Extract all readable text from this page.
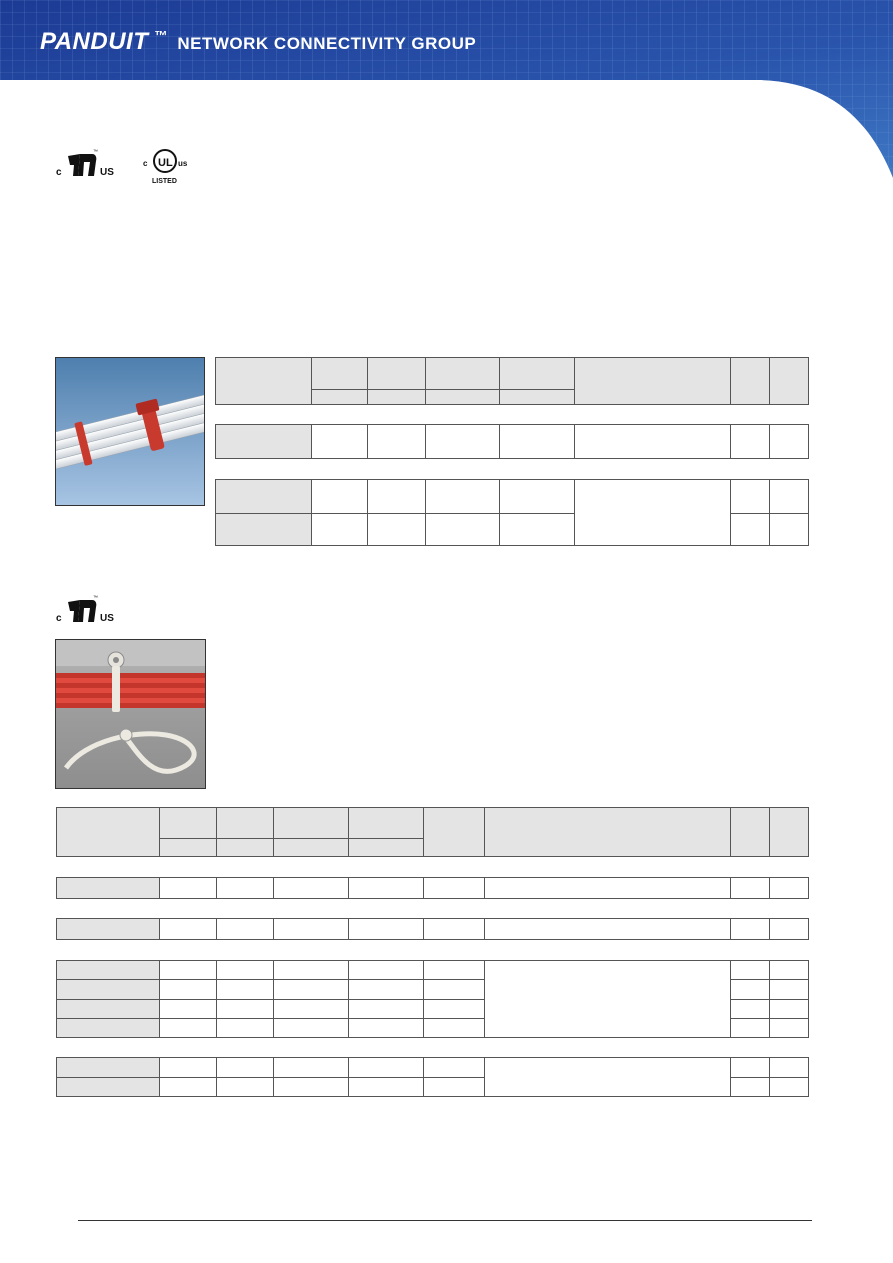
PANDUIT ™ NETWORK CONNECTIVITY GROUP
c
™
US
c UL us
LISTED
c
™
US
